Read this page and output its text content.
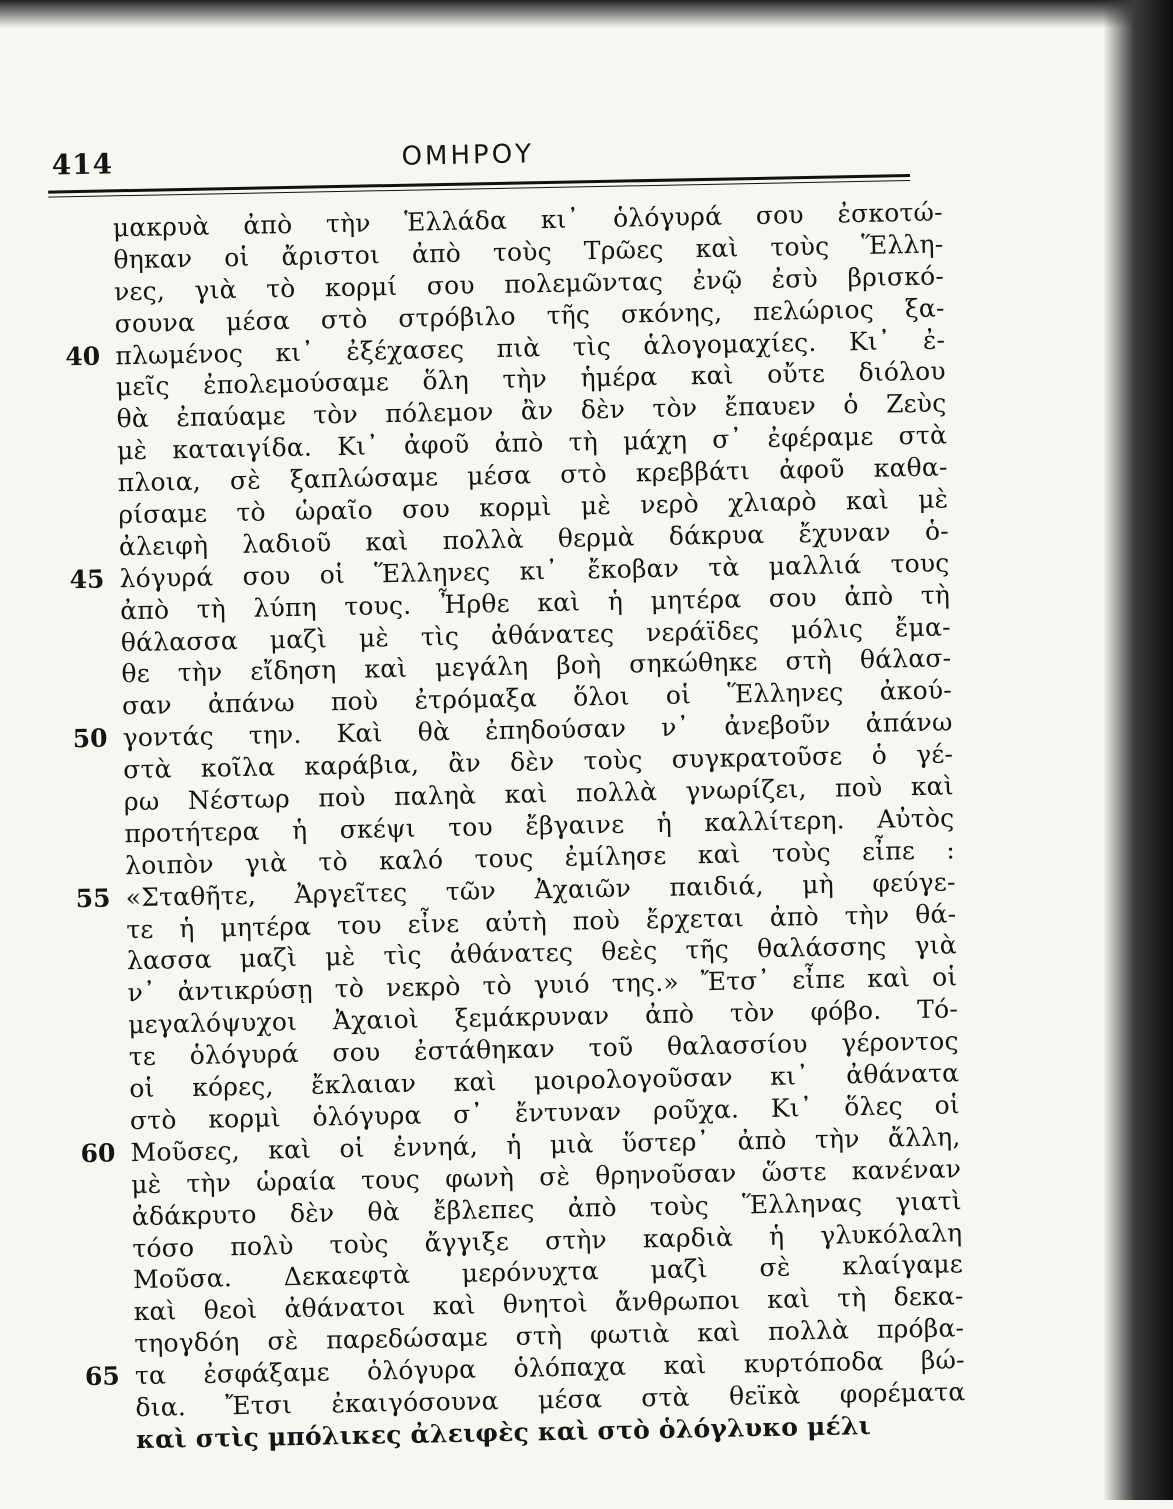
414	ΟΜΗΡΟΥ
40
45
50
55
60
65
μακρυὰ ἀπὸ τὴν Ἑλλάδα κι᾽ ὁλόγυρά σου ἐσκοτώ-
θηκαν οἱ ἄριστοι ἀπὸ τοὺς Τρῶες καὶ τοὺς Ἕλλη-
νες, γιὰ τὸ κορμί σου πολεμῶντας ἐνῷ ἐσὺ βρισκό-
σουνα μέσα στὸ στρόβιλο τῆς σκόνης, πελώριος ξα-
πλωμένος κι᾽ ἐξέχασες πιὰ τὶς ἁλογομαχίες. Κι᾽ ἐ-
μεῖς ἐπολεμούσαμε ὅλη τὴν ἡμέρα καὶ οὔτε διόλου
θὰ ἐπαύαμε τὸν πόλεμον ἂν δὲν τὸν ἔπαυεν ὁ Ζεὺς
μὲ καταιγίδα. Κι᾽ ἀφοῦ ἀπὸ τὴ μάχη σ᾽ ἐφέραμε στὰ
πλοια, σὲ ξαπλώσαμε μέσα στὸ κρεββάτι ἀφοῦ καθα-
ρίσαμε τὸ ὡραῖο σου κορμὶ μὲ νερὸ χλιαρὸ καὶ μὲ
ἀλειφὴ λαδιοῦ καὶ πολλὰ θερμὰ δάκρυα ἔχυναν ὁ-
λόγυρά σου οἱ Ἕλληνες κι᾽ ἔκοβαν τὰ μαλλιά τους
ἀπὸ τὴ λύπη τους. Ἦρθε καὶ ἡ μητέρα σου ἀπὸ τὴ
θάλασσα μαζὶ μὲ τὶς ἀθάνατες νεράϊδες μόλις ἔμα-
θε τὴν εἴδηση καὶ μεγάλη βοὴ σηκώθηκε στὴ θάλασ-
σαν ἀπάνω ποὺ ἐτρόμαξα ὅλοι οἱ Ἕλληνες ἀκού-
γοντάς την. Καὶ θὰ ἐπηδούσαν ν᾽ ἀνεβοῦν ἀπάνω
στὰ κοῖλα καράβια, ἂν δὲν τοὺς συγκρατοῦσε ὁ γέ-
ρω Νέστωρ ποὺ παληὰ καὶ πολλὰ γνωρίζει, ποὺ καὶ
προτήτερα ἡ σκέψι του ἔβγαινε ἡ καλλίτερη. Αὐτὸς
λοιπὸν γιὰ τὸ καλό τους ἐμίλησε καὶ τοὺς εἶπε :
«Σταθῆτε, Ἀργεῖτες τῶν Ἀχαιῶν παιδιά, μὴ φεύγε-
τε ἡ μητέρα του εἶνε αὐτὴ ποὺ ἔρχεται ἀπὸ τὴν θά-
λασσα μαζὶ μὲ τὶς ἀθάνατες θεὲς τῆς θαλάσσης γιὰ
ν᾽ ἀντικρύσῃ τὸ νεκρὸ τὸ γυιό της.» Ἔτσ᾽ εἶπε καὶ οἱ
μεγαλόψυχοι Ἀχαιοὶ ξεμάκρυναν ἀπὸ τὸν φόβο. Τό-
τε ὁλόγυρά σου ἐστάθηκαν τοῦ θαλασσίου γέροντος
οἱ κόρες, ἔκλαιαν καὶ μοιρολογοῦσαν κι᾽ ἀθάνατα
στὸ κορμὶ ὁλόγυρα σ᾽ ἔντυναν ροῦχα. Κι᾽ ὅλες οἱ
Μοῦσες, καὶ οἱ ἐννηά, ἡ μιὰ ὕστερ᾽ ἀπὸ τὴν ἄλλη,
μὲ τὴν ὡραία τους φωνὴ σὲ θρηνοῦσαν ὥστε κανέναν
ἀδάκρυτο δὲν θὰ ἔβλεπες ἀπὸ τοὺς Ἕλληνας γιατὶ
τόσο πολὺ τοὺς ἄγγιξε στὴν καρδιὰ ἡ γλυκόλαλη
Μοῦσα. Δεκαεφτὰ μερόνυχτα μαζὶ σὲ κλαίγαμε
καὶ θεοὶ ἀθάνατοι καὶ θνητοὶ ἄνθρωποι καὶ τὴ δεκα-
τηογδόη σὲ παρεδώσαμε στὴ φωτιὰ καὶ πολλὰ πρόβα-
τα ἐσφάξαμε ὁλόγυρα ὁλόπαχα καὶ κυρτόποδα βώ-
δια. Ἔτσι ἐκαιγόσουνα μέσα στὰ θεϊκὰ φορέματα
καὶ στὶς μπόλικες ἀλειφὲς καὶ στὸ ὁλόγλυκο μέλι
